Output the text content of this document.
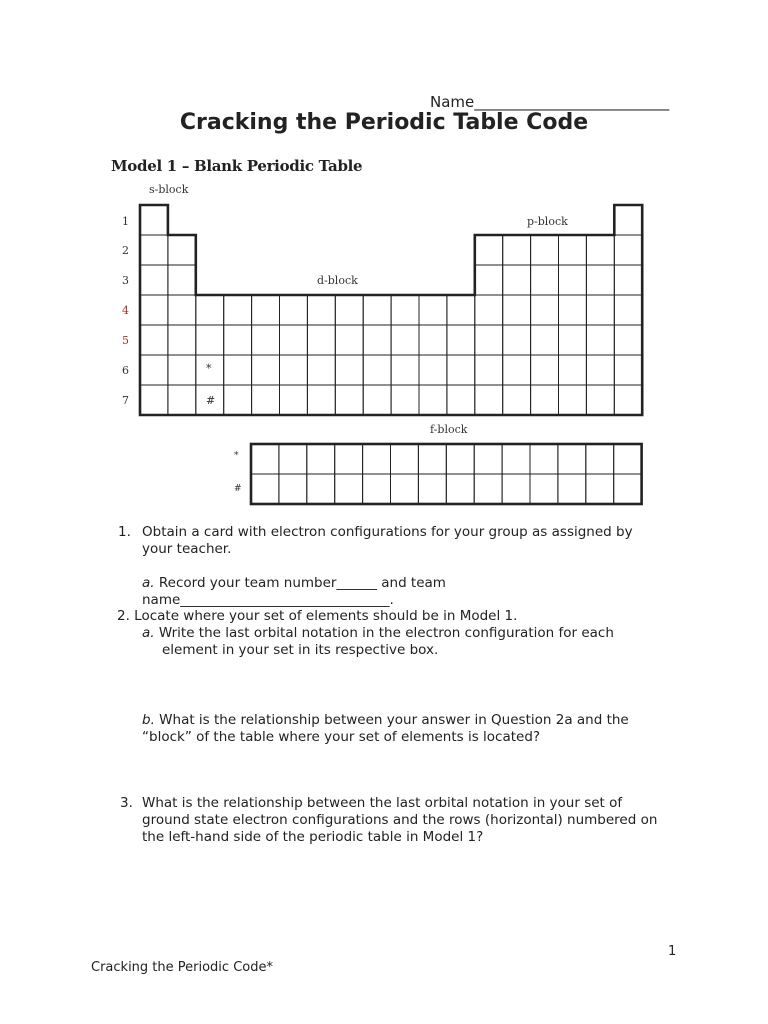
Name__________________________
Cracking the Periodic Table Code
Model 1 – Blank Periodic Table
s-block
p-block
d-block
f-block
1
2
3
4
5
6
7
*
#
*
#
1. Obtain a card with electron configurations for your group as assigned by
your teacher.
a. Record your team number______ and team
name_______________________________.
2. Locate where your set of elements should be in Model 1.
a. Write the last orbital notation in the electron configuration for each
element in your set in its respective box.
b. What is the relationship between your answer in Question 2a and the
“block” of the table where your set of elements is located?
3. What is the relationship between the last orbital notation in your set of
ground state electron configurations and the rows (horizontal) numbered on
the left-hand side of the periodic table in Model 1?
1
Cracking the Periodic Code*
